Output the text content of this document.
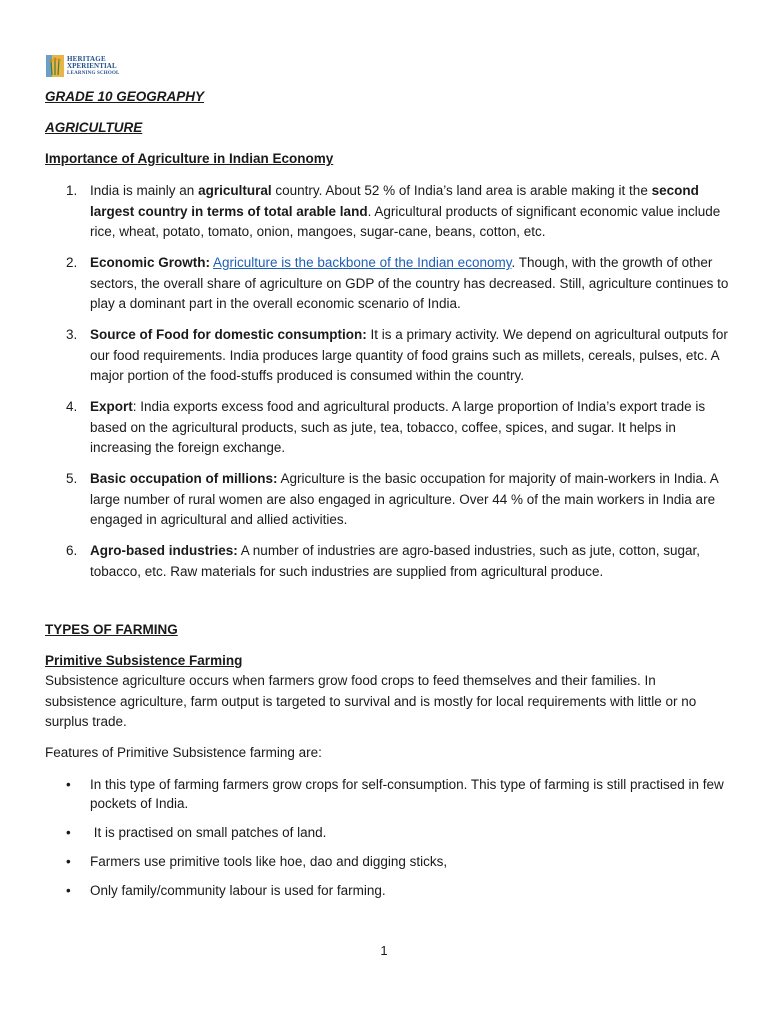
HERITAGE
XPERIENTIAL
LEARNING SCHOOL
GRADE 10 GEOGRAPHY
AGRICULTURE
Importance of Agriculture in Indian Economy
1. India is mainly an agricultural country. About 52 % of India’s land area is arable making it the second largest country in terms of total arable land. Agricultural products of significant economic value include rice, wheat, potato, tomato, onion, mangoes, sugar-cane, beans, cotton, etc.
2. Economic Growth: Agriculture is the backbone of the Indian economy. Though, with the growth of other sectors, the overall share of agriculture on GDP of the country has decreased. Still, agriculture continues to play a dominant part in the overall economic scenario of India.
3. Source of Food for domestic consumption: It is a primary activity. We depend on agricultural outputs for our food requirements. India produces large quantity of food grains such as millets, cereals, pulses, etc. A major portion of the food-stuffs produced is consumed within the country.
4. Export: India exports excess food and agricultural products. A large proportion of India’s export trade is based on the agricultural products, such as jute, tea, tobacco, coffee, spices, and sugar. It helps in increasing the foreign exchange.
5. Basic occupation of millions: Agriculture is the basic occupation for majority of main-workers in India. A large number of rural women are also engaged in agriculture. Over 44 % of the main workers in India are engaged in agricultural and allied activities.
6. Agro-based industries: A number of industries are agro-based industries, such as jute, cotton, sugar, tobacco, etc. Raw materials for such industries are supplied from agricultural produce.
TYPES OF FARMING
Primitive Subsistence Farming
Subsistence agriculture occurs when farmers grow food crops to feed themselves and their families. In subsistence agriculture, farm output is targeted to survival and is mostly for local requirements with little or no surplus trade.
Features of Primitive Subsistence farming are:
• In this type of farming farmers grow crops for self-consumption. This type of farming is still practised in few pockets of India.
• It is practised on small patches of land.
• Farmers use primitive tools like hoe, dao and digging sticks,
• Only family/community labour is used for farming.
1
